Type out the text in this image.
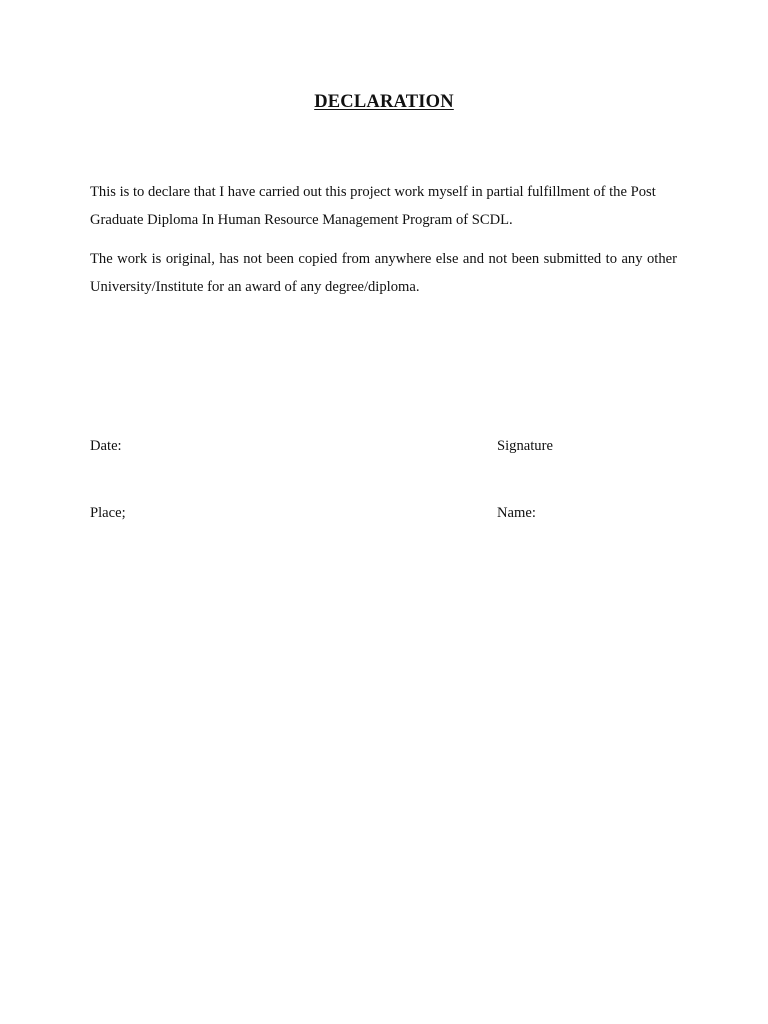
DECLARATION

This is to declare that I have carried out this project work myself in partial fulfillment of the Post Graduate Diploma In Human Resource Management Program of SCDL.

The work is original, has not been copied from anywhere else and not been submitted to any other University/Institute for an award of any degree/diploma.

Date:	Signature
Place;	Name:
